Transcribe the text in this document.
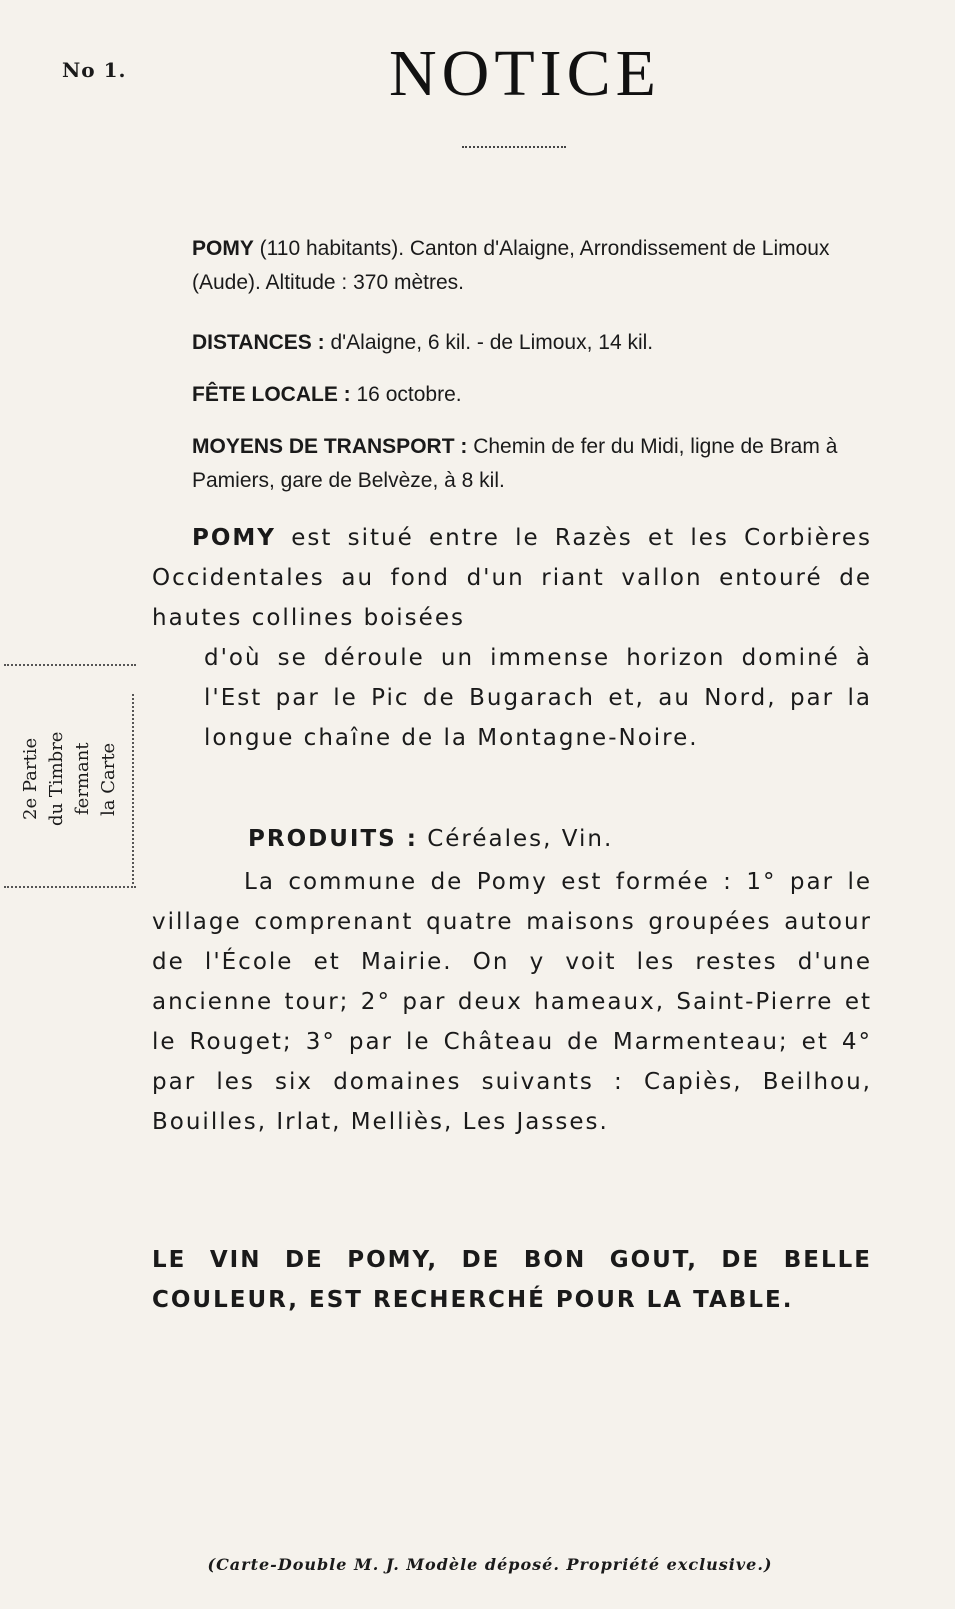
No 1.	NOTICE
POMY (110 habitants). Canton d'Alaigne, Arrondissement de Limoux (Aude). Altitude : 370 mètres.
DISTANCES : d'Alaigne, 6 kil. - de Limoux, 14 kil.
FÊTE LOCALE : 16 octobre.
MOYENS DE TRANSPORT : Chemin de fer du Midi, ligne de Bram à Pamiers, gare de Belvèze, à 8 kil.
POMY est situé entre le Razès et les Corbières Occidentales au fond d'un riant vallon entouré de hautes collines boisées
d'où se déroule un immense horizon dominé à l'Est par le Pic de Bugarach et, au Nord, par la longue chaîne de la Montagne-Noire.
PRODUITS : Céréales, Vin.
La commune de Pomy est formée : 1° par le village comprenant quatre maisons groupées autour de l'École et Mairie. On y voit les restes d'une ancienne tour; 2° par deux hameaux, Saint-Pierre et le Rouget; 3° par le Château de Marmenteau; et 4° par les six domaines suivants : Capiès, Beilhou, Bouilles, Irlat, Melliès, Les Jasses.
LE VIN DE POMY, DE BON GOUT, DE BELLE COULEUR, EST RECHERCHÉ POUR LA TABLE.
2e Partie du Timbre fermant la Carte
(Carte-Double M. J. Modèle déposé. Propriété exclusive.)
